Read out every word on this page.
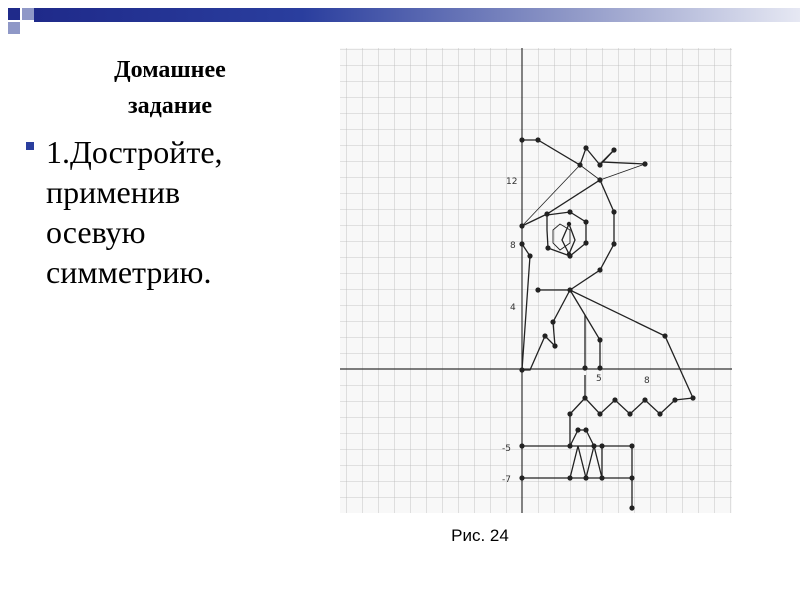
Домашнее
задание
1.Достройте,
применив
осевую
симметрию.
12
8
4
-5
-7
5	8
Рис. 24
